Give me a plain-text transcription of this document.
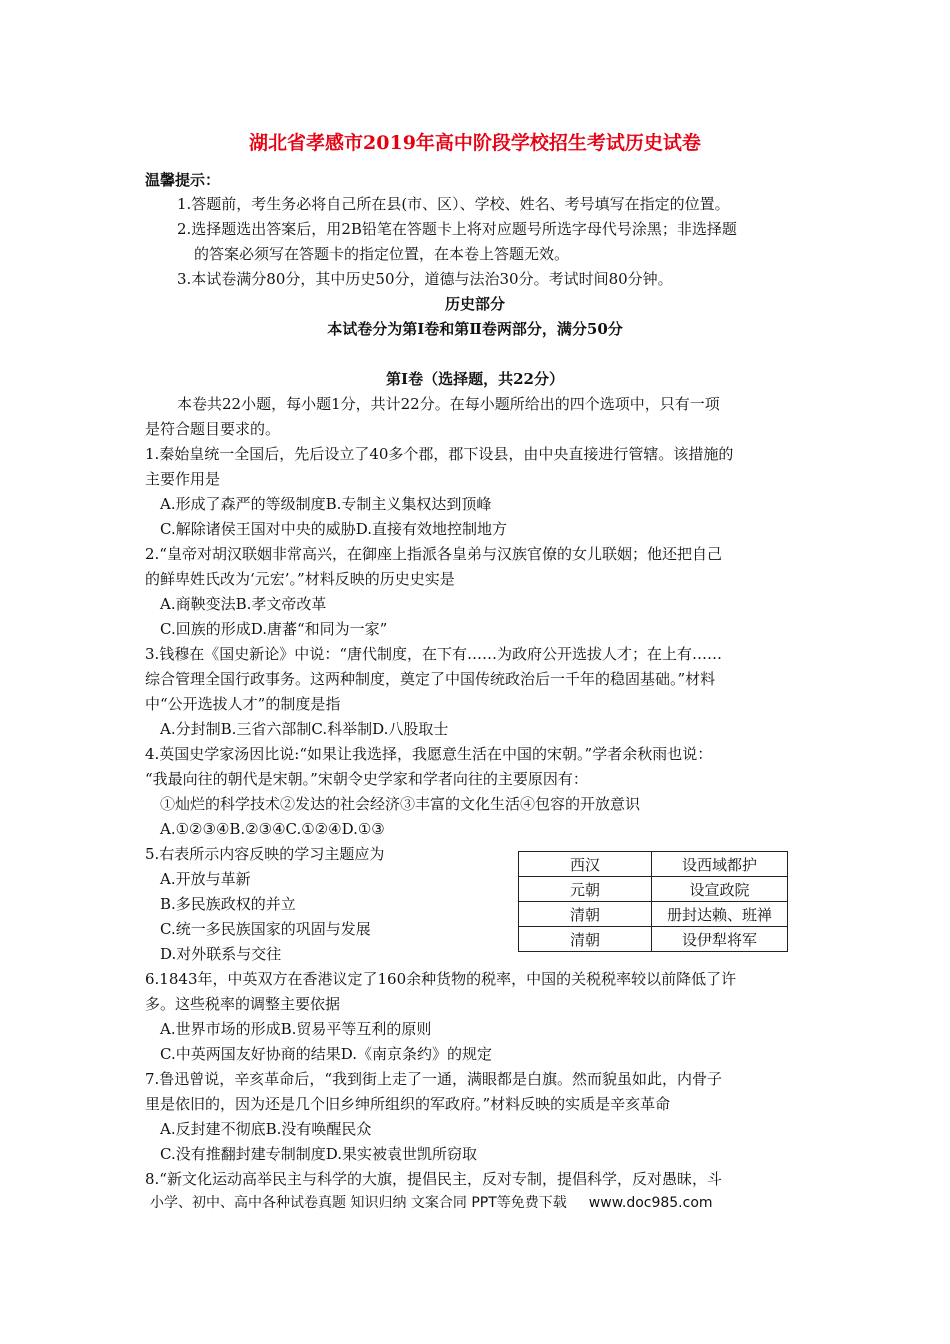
湖北省孝感市2019年高中阶段学校招生考试历史试卷
温馨提示：
1.答题前，考生务必将自己所在县(市、区）、学校、姓名、考号填写在指定的位置。
2.选择题选出答案后，用2B铅笔在答题卡上将对应题号所选字母代号涂黑；非选择题
的答案必须写在答题卡的指定位置，在本卷上答题无效。
3.本试卷满分80分，其中历史50分，道德与法治30分。考试时间80分钟。
历史部分
本试卷分为第Ⅰ卷和第Ⅱ卷两部分，满分50分
第Ⅰ卷（选择题，共22分）
本卷共22小题，每小题1分，共计22分。在每小题所给出的四个选项中，只有一项
是符合题目要求的。
1.秦始皇统一全国后，先后设立了40多个郡，郡下设县，由中央直接进行管辖。该措施的
主要作用是
A.形成了森严的等级制度B.专制主义集权达到顶峰
C.解除诸侯王国对中央的威胁D.直接有效地控制地方
2.“皇帝对胡汉联姻非常高兴，在御座上指派各皇弟与汉族官僚的女儿联姻；他还把自己
的鲜卑姓氏改为‘元宏’。”材料反映的历史史实是
A.商鞅变法B.孝文帝改革
C.回族的形成D.唐蕃“和同为一家”
3.钱穆在《国史新论》中说：“唐代制度，在下有……为政府公开选拔人才；在上有……
综合管理全国行政事务。这两种制度，奠定了中国传统政治后一千年的稳固基础。”材料
中“公开选拔人才”的制度是指
A.分封制B.三省六部制C.科举制D.八股取士
4.英国史学家汤因比说:“如果让我选择，我愿意生活在中国的宋朝。”学者余秋雨也说：
“我最向往的朝代是宋朝。”宋朝令史学家和学者向往的主要原因有：
①灿烂的科学技术②发达的社会经济③丰富的文化生活④包容的开放意识
A.①②③④B.②③④C.①②④D.①③
5.右表所示内容反映的学习主题应为
A.开放与革新
B.多民族政权的并立
C.统一多民族国家的巩固与发展
D.对外联系与交往
西汉	设西域都护
元朝	设宣政院
清朝	册封达赖、班禅
清朝	设伊犁将军
6.1843年，中英双方在香港议定了160余种货物的税率，中国的关税税率较以前降低了许
多。这些税率的调整主要依据
A.世界市场的形成B.贸易平等互利的原则
C.中英两国友好协商的结果D.《南京条约》的规定
7.鲁迅曾说，辛亥革命后，“我到街上走了一通，满眼都是白旗。然而貌虽如此，内骨子
里是依旧的，因为还是几个旧乡绅所组织的军政府。”材料反映的实质是辛亥革命
A.反封建不彻底B.没有唤醒民众
C.没有推翻封建专制制度D.果实被袁世凯所窃取
8.“新文化运动高举民主与科学的大旗，提倡民主，反对专制，提倡科学，反对愚昧，斗
小学、初中、高中各种试卷真题 知识归纳 文案合同 PPT等免费下载 www.doc985.com
